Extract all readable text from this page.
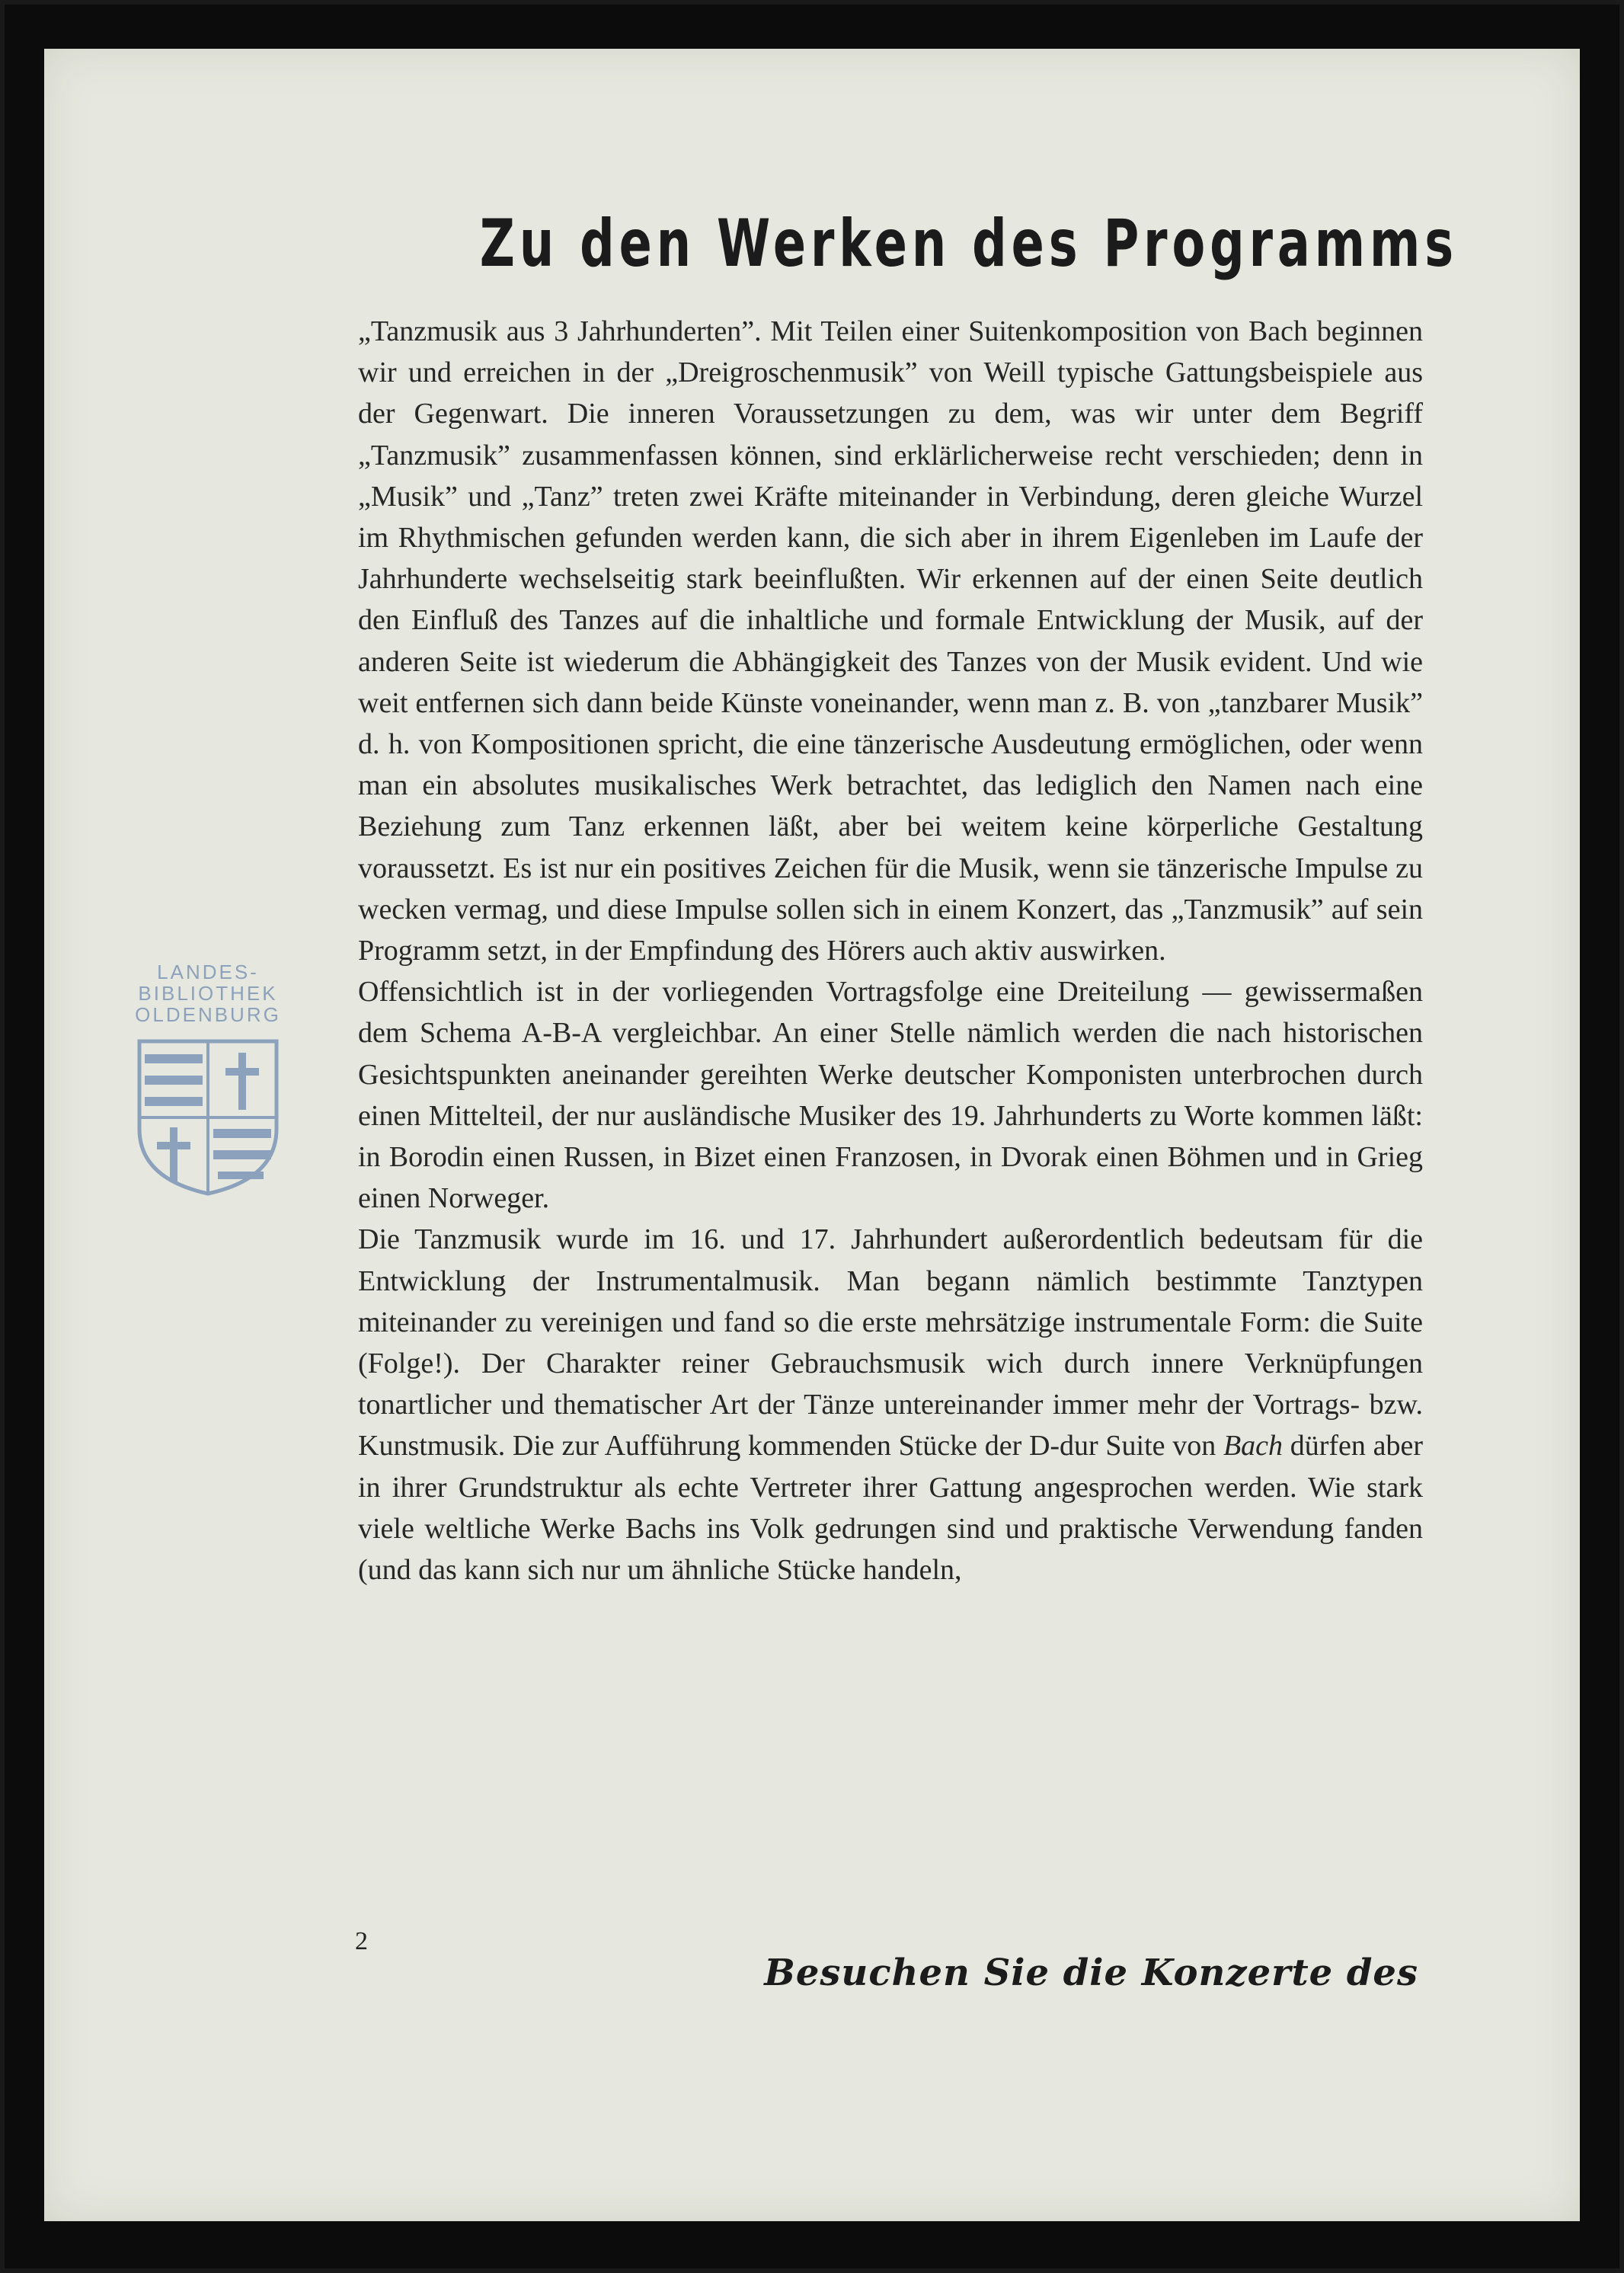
LANDES-
BIBLIOTHEK
OLDENBURG
Zu den Werken des Programms

„Tanzmusik aus 3 Jahrhunderten”. Mit Teilen einer Suitenkomposition von Bach beginnen wir und erreichen in der „Dreigroschenmusik” von Weill typische Gattungsbeispiele aus der Gegenwart. Die inneren Voraussetzungen zu dem, was wir unter dem Begriff „Tanzmusik” zusammenfassen können, sind erklärlicherweise recht verschieden; denn in „Musik” und „Tanz” treten zwei Kräfte miteinander in Verbindung, deren gleiche Wurzel im Rhythmischen gefunden werden kann, die sich aber in ihrem Eigenleben im Laufe der Jahrhunderte wechselseitig stark beeinflußten. Wir erkennen auf der einen Seite deutlich den Einfluß des Tanzes auf die inhaltliche und formale Entwicklung der Musik, auf der anderen Seite ist wiederum die Abhängigkeit des Tanzes von der Musik evident. Und wie weit entfernen sich dann beide Künste voneinander, wenn man z. B. von „tanzbarer Musik” d. h. von Kompositionen spricht, die eine tänzerische Ausdeutung ermöglichen, oder wenn man ein absolutes musikalisches Werk betrachtet, das lediglich den Namen nach eine Beziehung zum Tanz erkennen läßt, aber bei weitem keine körperliche Gestaltung voraussetzt. Es ist nur ein positives Zeichen für die Musik, wenn sie tänzerische Impulse zu wecken vermag, und diese Impulse sollen sich in einem Konzert, das „Tanzmusik” auf sein Programm setzt, in der Empfindung des Hörers auch aktiv auswirken.

Offensichtlich ist in der vorliegenden Vortragsfolge eine Dreiteilung — gewissermaßen dem Schema A-B-A vergleichbar. An einer Stelle nämlich werden die nach historischen Gesichtspunkten aneinander gereihten Werke deutscher Komponisten unterbrochen durch einen Mittelteil, der nur ausländische Musiker des 19. Jahrhunderts zu Worte kommen läßt: in Borodin einen Russen, in Bizet einen Franzosen, in Dvorak einen Böhmen und in Grieg einen Norweger.

Die Tanzmusik wurde im 16. und 17. Jahrhundert außerordentlich bedeutsam für die Entwicklung der Instrumentalmusik. Man begann nämlich bestimmte Tanztypen miteinander zu vereinigen und fand so die erste mehrsätzige instrumentale Form: die Suite (Folge!). Der Charakter reiner Gebrauchsmusik wich durch innere Verknüpfungen tonartlicher und thematischer Art der Tänze untereinander immer mehr der Vortrags- bzw. Kunstmusik. Die zur Aufführung kommenden Stücke der D-dur Suite von Bach dürfen aber in ihrer Grundstruktur als echte Vertreter ihrer Gattung angesprochen werden. Wie stark viele weltliche Werke Bachs ins Volk gedrungen sind und praktische Verwendung fanden (und das kann sich nur um ähnliche Stücke handeln,

2
Besuchen Sie die Konzerte des
